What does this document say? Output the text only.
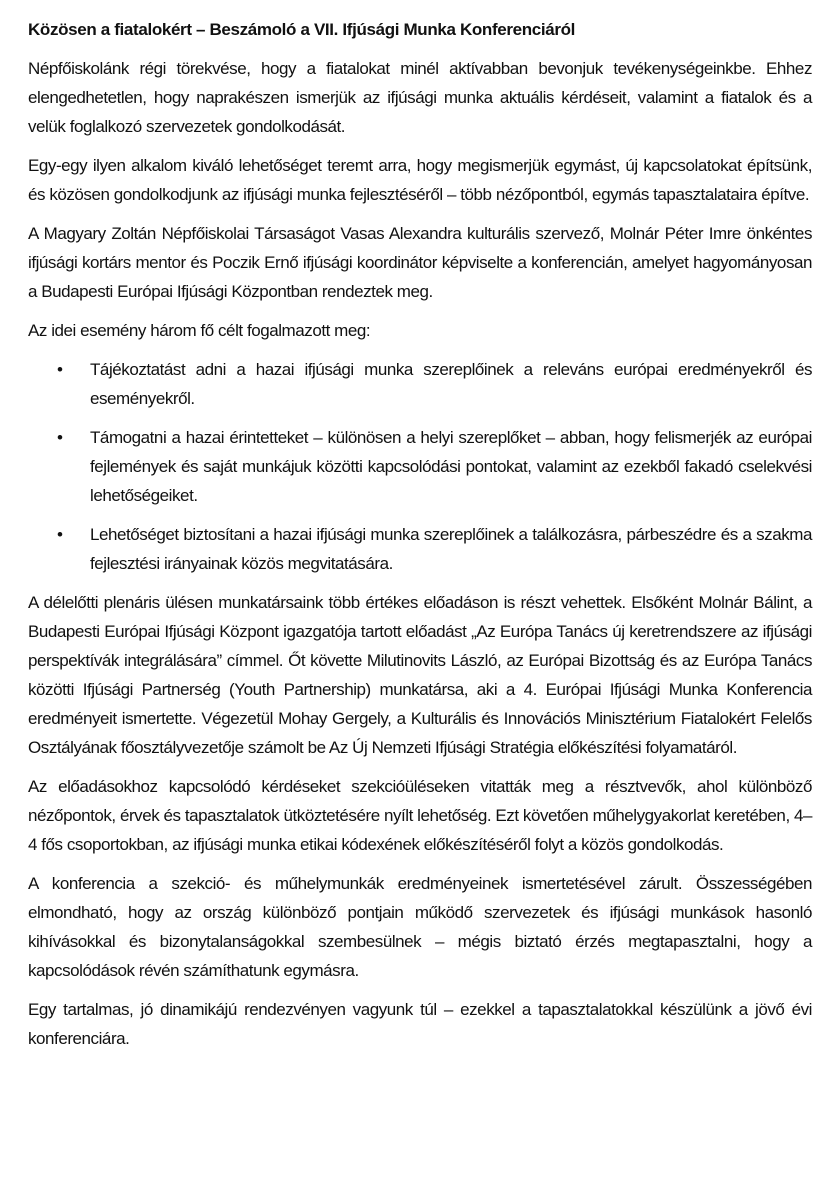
Közösen a fiatalokért – Beszámoló a VII. Ifjúsági Munka Konferenciáról

Népfőiskolánk régi törekvése, hogy a fiatalokat minél aktívabban bevonjuk tevékenységeinkbe. Ehhez elengedhetetlen, hogy naprakészen ismerjük az ifjúsági munka aktuális kérdéseit, valamint a fiatalok és a velük foglalkozó szervezetek gondolkodását.

Egy-egy ilyen alkalom kiváló lehetőséget teremt arra, hogy megismerjük egymást, új kapcsolatokat építsünk, és közösen gondolkodjunk az ifjúsági munka fejlesztéséről – több nézőpontból, egymás tapasztalataira építve.

A Magyary Zoltán Népfőiskolai Társaságot Vasas Alexandra kulturális szervező, Molnár Péter Imre önkéntes ifjúsági kortárs mentor és Poczik Ernő ifjúsági koordinátor képviselte a konferencián, amelyet hagyományosan a Budapesti Európai Ifjúsági Központban rendeztek meg.

Az idei esemény három fő célt fogalmazott meg:

• Tájékoztatást adni a hazai ifjúsági munka szereplőinek a releváns európai eredményekről és eseményekről.

• Támogatni a hazai érintetteket – különösen a helyi szereplőket – abban, hogy felismerjék az európai fejlemények és saját munkájuk közötti kapcsolódási pontokat, valamint az ezekből fakadó cselekvési lehetőségeiket.

• Lehetőséget biztosítani a hazai ifjúsági munka szereplőinek a találkozásra, párbeszédre és a szakma fejlesztési irányainak közös megvitatására.

A délelőtti plenáris ülésen munkatársaink több értékes előadáson is részt vehettek. Elsőként Molnár Bálint, a Budapesti Európai Ifjúsági Központ igazgatója tartott előadást „Az Európa Tanács új keretrendszere az ifjúsági perspektívák integrálására” címmel. Őt követte Milutinovits László, az Európai Bizottság és az Európa Tanács közötti Ifjúsági Partnerség (Youth Partnership) munkatársa, aki a 4. Európai Ifjúsági Munka Konferencia eredményeit ismertette. Végezetül Mohay Gergely, a Kulturális és Innovációs Minisztérium Fiatalokért Felelős Osztályának főosztályvezetője számolt be Az Új Nemzeti Ifjúsági Stratégia előkészítési folyamatáról.

Az előadásokhoz kapcsolódó kérdéseket szekcióüléseken vitatták meg a résztvevők, ahol különböző nézőpontok, érvek és tapasztalatok ütköztetésére nyílt lehetőség. Ezt követően műhelygyakorlat keretében, 4–4 fős csoportokban, az ifjúsági munka etikai kódexének előkészítéséről folyt a közös gondolkodás.

A konferencia a szekció- és műhelymunkák eredményeinek ismertetésével zárult. Összességében elmondható, hogy az ország különböző pontjain működő szervezetek és ifjúsági munkások hasonló kihívásokkal és bizonytalanságokkal szembesülnek – mégis biztató érzés megtapasztalni, hogy a kapcsolódások révén számíthatunk egymásra.

Egy tartalmas, jó dinamikájú rendezvényen vagyunk túl – ezekkel a tapasztalatokkal készülünk a jövő évi konferenciára.
